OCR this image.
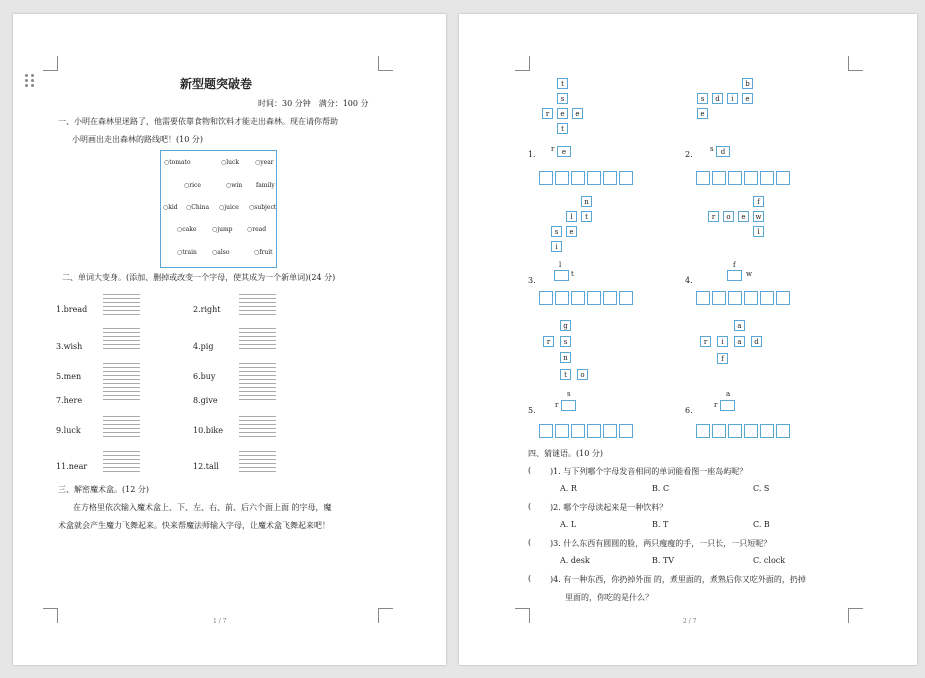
新型题突破卷
时间：30 分钟　满分：100 分
一、小明在森林里迷路了，他需要依靠食物和饮料才能走出森林。现在请你帮助
小明画出走出森林的路线吧！(10 分)
○tomato	○luck	○year
○rice	○win family
○kid ○China ○juice ○subject
○cake	○jump ○read
○train	○also	○fruit
二、单词大变身。(添加、删掉或改变一个字母，使其成为一个新单词)(24 分)
1.bread	2.right
3.wish	4.pig
5.men	6.buy
7.here	8.give
9.luck	10.bike
11.near	12.tall
三、解密魔术盒。(12 分)
在方格里依次输入魔术盒上、下、左、右、前、后六个面上面 的字母，魔
术盒就会产生魔力飞舞起来。快来帮魔法师输入字母，让魔术盒飞舞起来吧！
1 / 7
t
s
r	e	e
t
b
s	d	i	e
e
1.
r	e	2.
s	d
n
l	t
s	e
i
f
r	o	e	w
l
3.
l
t
4.
f
w
g
r	s
n
t	o
a
r	i	a	d
f
5.
r
s
6.
r
a
四、猜谜语。(10 分)
( )1. 与下列哪个字母发音相同的单词能看图一座岛屿呢？
A. R	B. C	C. S
( )2. 哪个字母读起来是一种饮料？
A. L	B. T	C. B
( )3. 什么东西有圆圆的脸，两只瘦瘦的手，一只长，一只短呢？
A. desk	B. TV	C. clock
( )4. 有一种东西，你扔掉外面 的，煮里面的，煮熟后你又吃外面的，扔掉
里面的，你吃的是什么？
2 / 7
